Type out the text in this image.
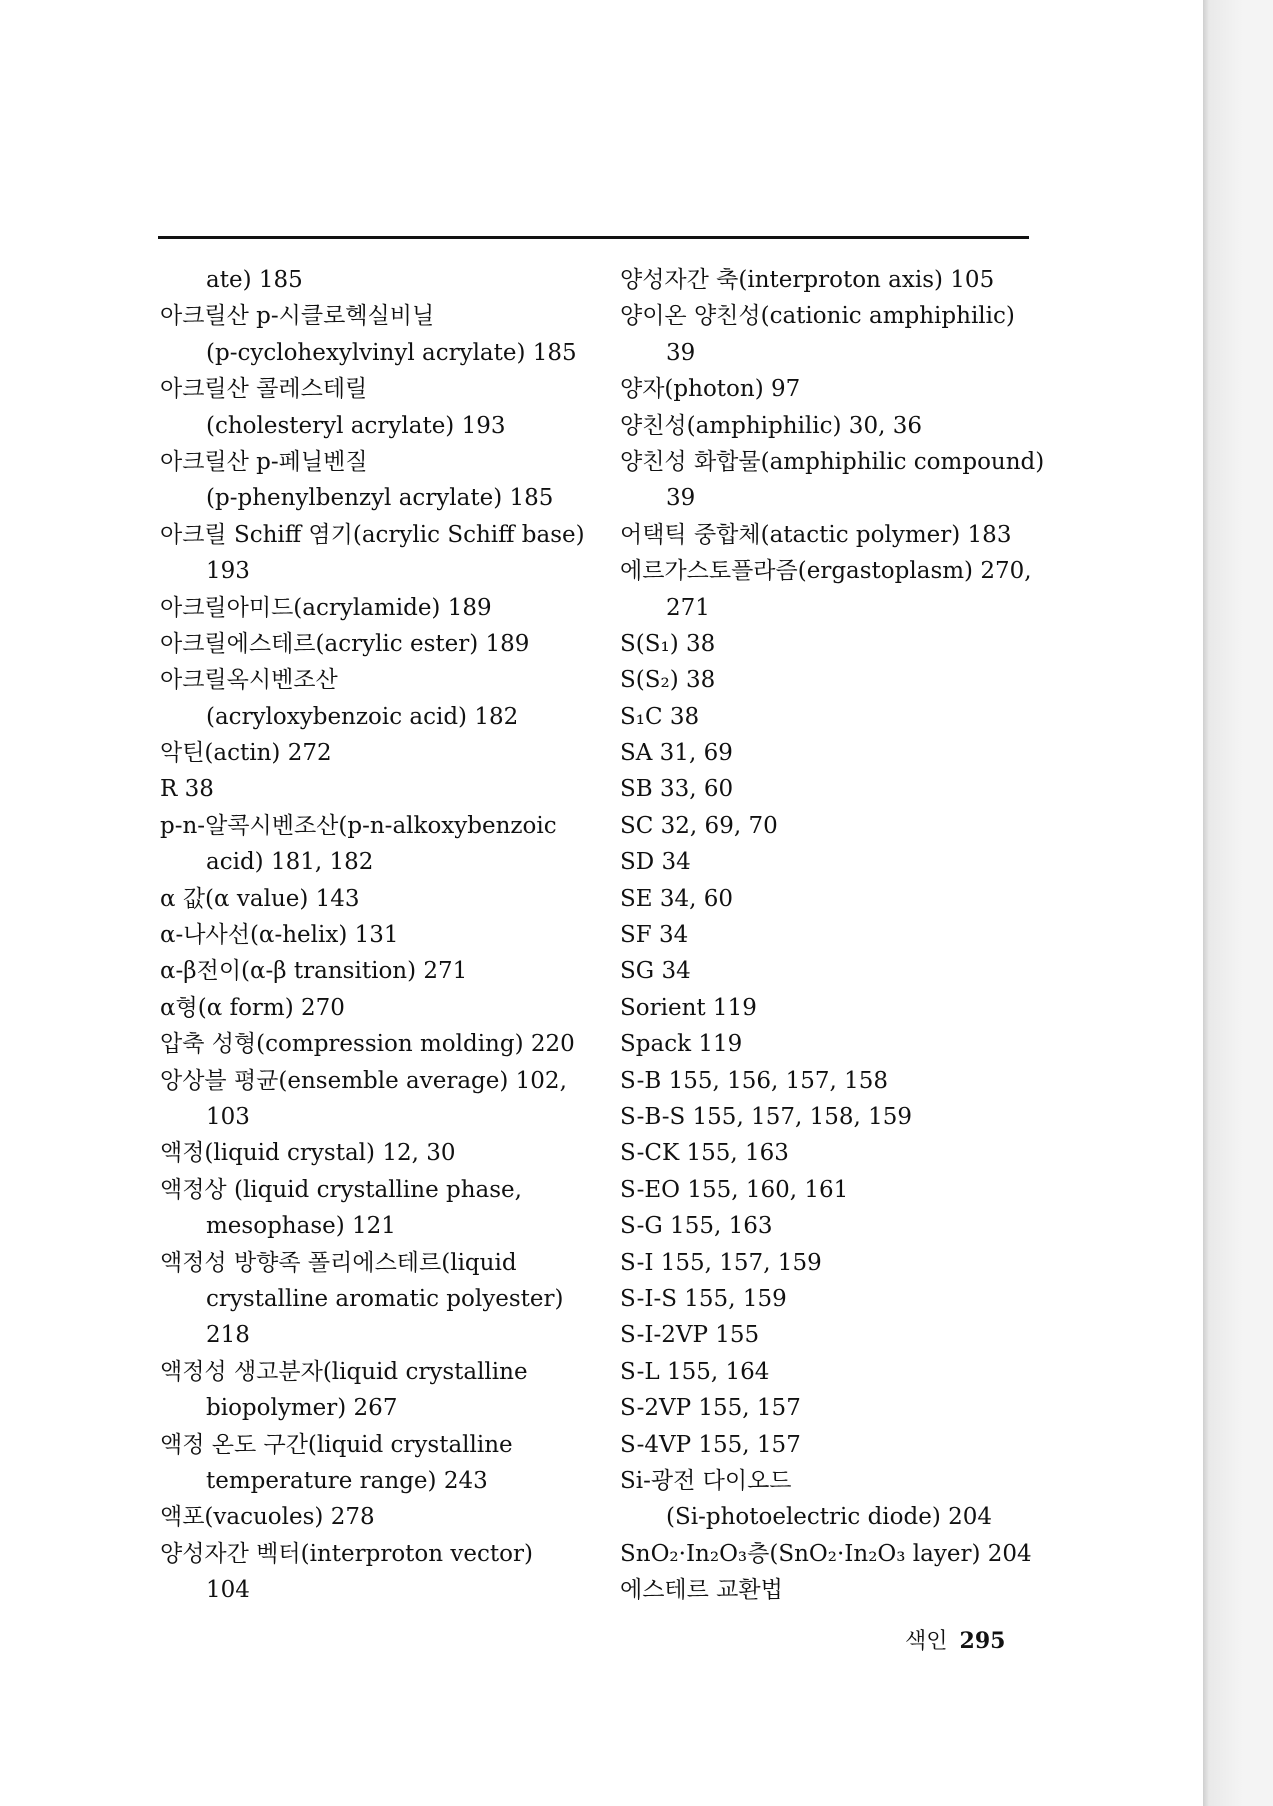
ate) 185
아크릴산 p-시클로헥실비닐
(p-cyclohexylvinyl acrylate) 185
아크릴산 콜레스테릴
(cholesteryl acrylate) 193
아크릴산 p-페닐벤질
(p-phenylbenzyl acrylate) 185
아크릴 Schiff 염기(acrylic Schiff base)
193
아크릴아미드(acrylamide) 189
아크릴에스테르(acrylic ester) 189
아크릴옥시벤조산
(acryloxybenzoic acid) 182
악틴(actin) 272
R 38
p-n-알콕시벤조산(p-n-alkoxybenzoic
acid) 181, 182
α 값(α value) 143
α-나사선(α-helix) 131
α-β전이(α-β transition) 271
α형(α form) 270
압축 성형(compression molding) 220
앙상블 평균(ensemble average) 102,
103
액정(liquid crystal) 12, 30
액정상 (liquid crystalline phase,
mesophase) 121
액정성 방향족 폴리에스테르(liquid
crystalline aromatic polyester)
218
액정성 생고분자(liquid crystalline
biopolymer) 267
액정 온도 구간(liquid crystalline
temperature range) 243
액포(vacuoles) 278
양성자간 벡터(interproton vector)
104
양성자간 축(interproton axis) 105
양이온 양친성(cationic amphiphilic)
39
양자(photon) 97
양친성(amphiphilic) 30, 36
양친성 화합물(amphiphilic compound)
39
어택틱 중합체(atactic polymer) 183
에르가스토플라즘(ergastoplasm) 270,
271
S(S₁) 38
S(S₂) 38
S₁C 38
SA 31, 69
SB 33, 60
SC 32, 69, 70
SD 34
SE 34, 60
SF 34
SG 34
Sorient 119
Spack 119
S-B 155, 156, 157, 158
S-B-S 155, 157, 158, 159
S-CK 155, 163
S-EO 155, 160, 161
S-G 155, 163
S-I 155, 157, 159
S-I-S 155, 159
S-I-2VP 155
S-L 155, 164
S-2VP 155, 157
S-4VP 155, 157
Si-광전 다이오드
(Si-photoelectric diode) 204
SnO₂·In₂O₃층(SnO₂·In₂O₃ layer) 204
에스테르 교환법
색인 295
